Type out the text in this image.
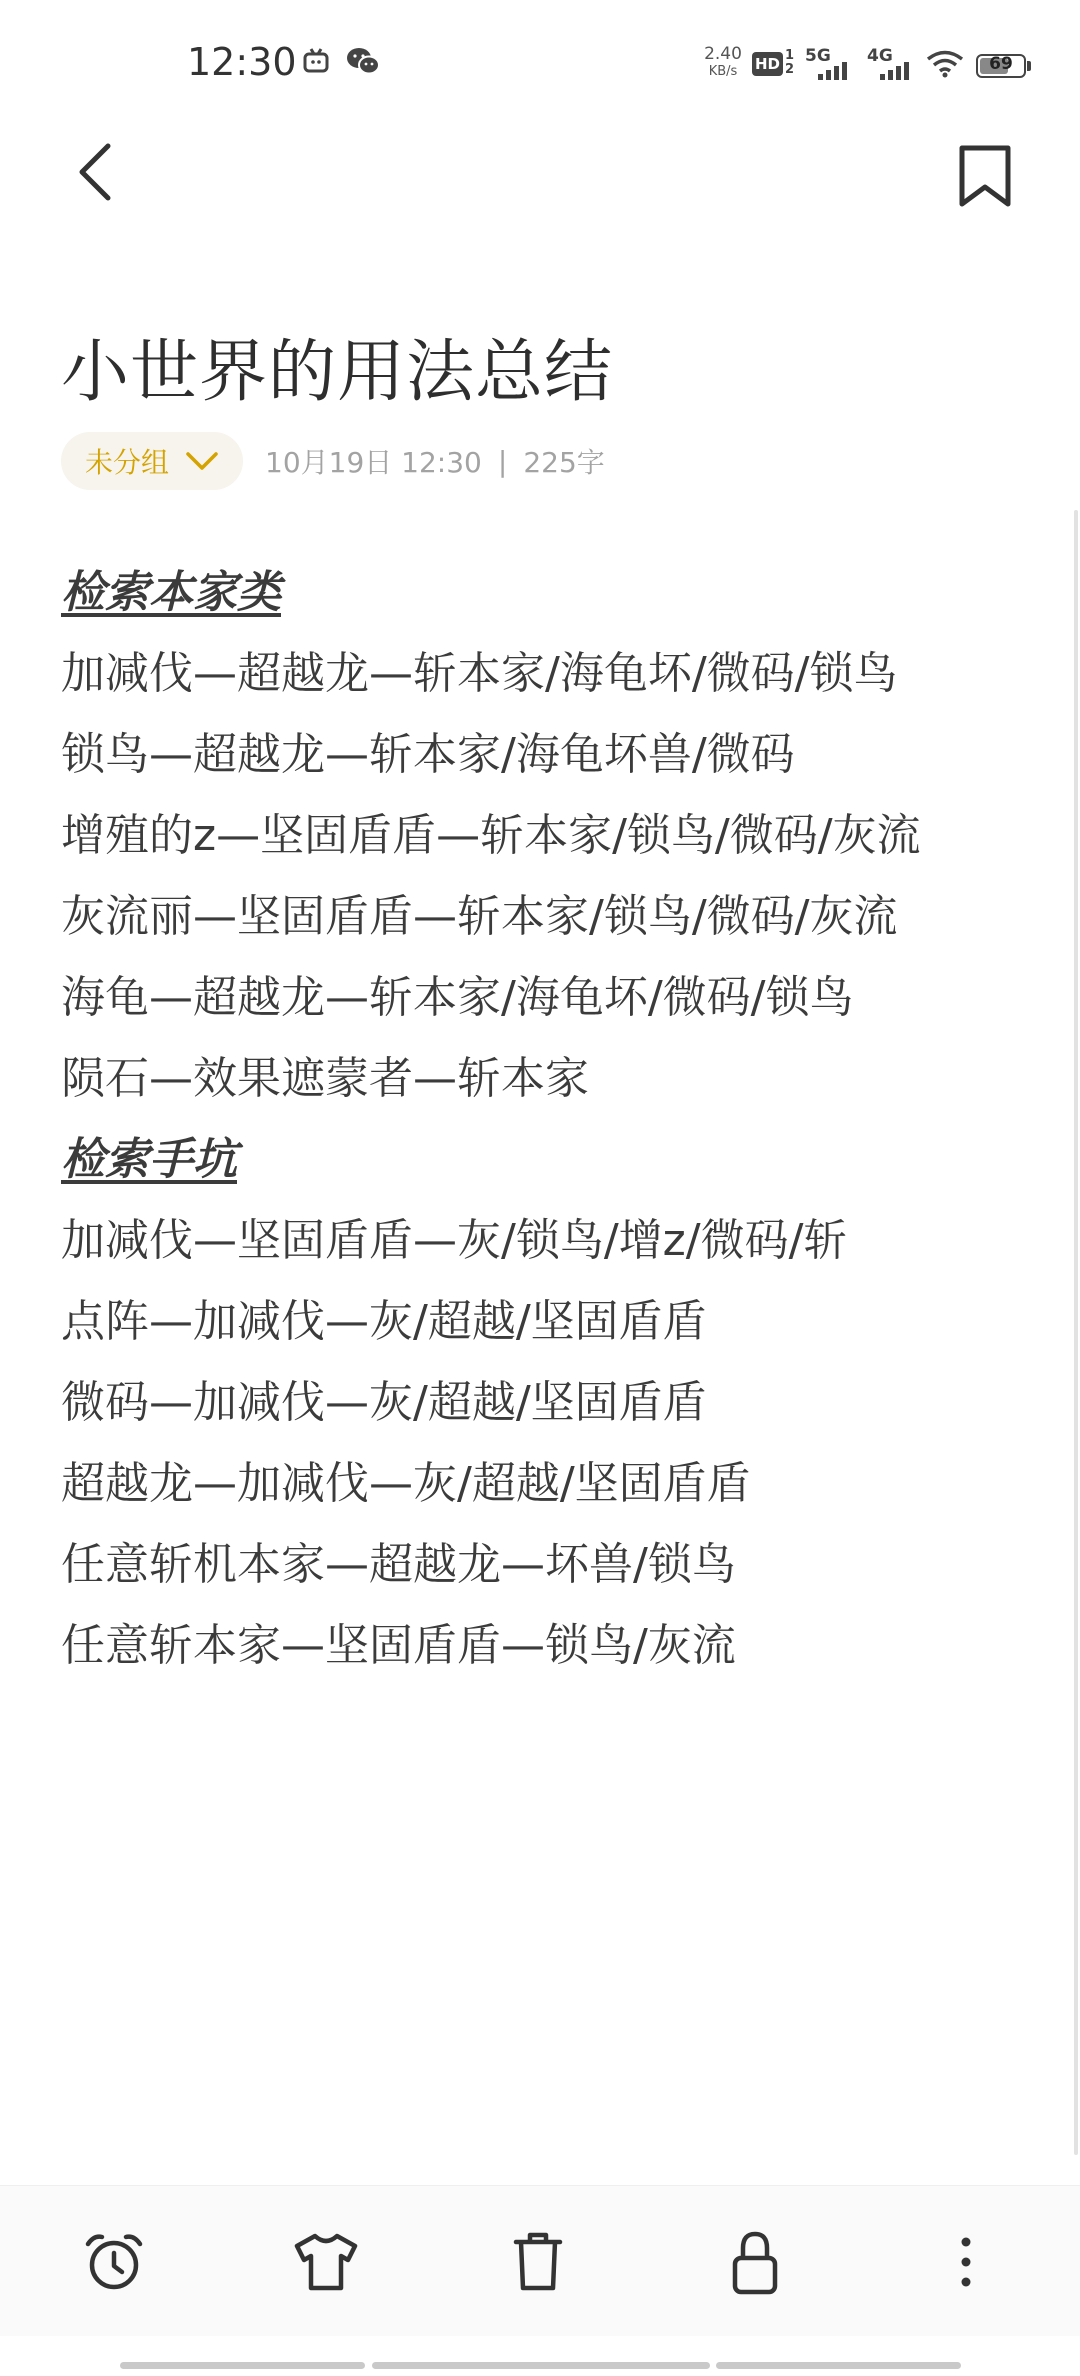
12:30	2.40
KB/s	HD 1
2
5G 4G	69
小世界的用法总结
未分组	10月19日 12:30 | 225字
检索本家类
加减伐—超越龙—斩本家/海龟坏/微码/锁鸟
锁鸟—超越龙—斩本家/海龟坏兽/微码
增殖的z—坚固盾盾—斩本家/锁鸟/微码/灰流
灰流丽—坚固盾盾—斩本家/锁鸟/微码/灰流
海龟—超越龙—斩本家/海龟坏/微码/锁鸟
陨石—效果遮蒙者—斩本家
检索手坑
加减伐—坚固盾盾—灰/锁鸟/增z/微码/斩
点阵—加减伐—灰/超越/坚固盾盾
微码—加减伐—灰/超越/坚固盾盾
超越龙—加减伐—灰/超越/坚固盾盾
任意斩机本家—超越龙—坏兽/锁鸟
任意斩本家—坚固盾盾—锁鸟/灰流
